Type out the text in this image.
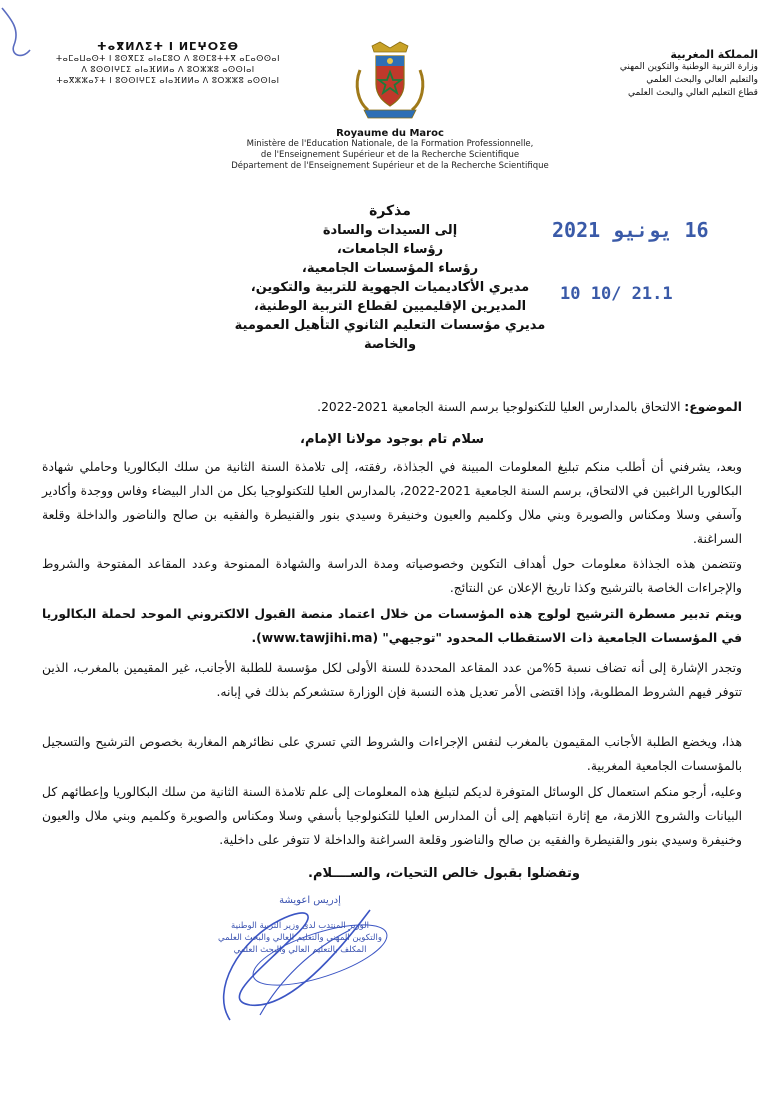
ⵜⴰⴳⵍⴷⵉⵜ ⵏ ⵍⵎⵖⵔⵉⴱ
ⵜⴰⵎⴰⵡⴰⵙⵜ ⵏ ⵓⵙⴳⵎⵉ ⴰⵏⴰⵎⵓⵔ ⴷ ⵓⵙⵎⵓⵜⵜⴳ ⴰⵎⴰⵙⵙⴰⵏ
ⴷ ⵓⵙⵙⵏⵖⵎⵉ ⴰⵏⴰⴼⵍⵍⴰ ⴷ ⵓⵔⵣⵣⵓ ⴰⵙⵙⵏⴰⵏ
ⵜⴰⴳⵣⵣⴰⵢⵜ ⵏ ⵓⵙⵙⵏⵖⵎⵉ ⴰⵏⴰⴼⵍⵍⴰ ⴷ ⵓⵔⵣⵣⵓ ⴰⵙⵙⵏⴰⵏ
المملكة المغربية
وزارة التربية الوطنية والتكوين المهني
والتعليم العالي والبحث العلمي
قطاع التعليم العالي والبحث العلمي
Royaume du Maroc
Ministère de l'Education Nationale, de la Formation Professionnelle,
de l'Enseignement Supérieur et de la Recherche Scientifique
Département de l'Enseignement Supérieur et de la Recherche Scientifique
مذكرة
إلى السيدات والسادة
رؤساء الجامعات،
رؤساء المؤسسات الجامعية،
مديري الأكاديميات الجهوية للتربية والتكوين،
المديرين الإقليميين لقطاع التربية الوطنية،
مديري مؤسسات التعليم الثانوي التأهيل العمومية والخاصة
16 يونيو 2021
10 10/ 21.1
الموضوع: الالتحاق بالمدارس العليا للتكنولوجيا برسم السنة الجامعية 2021-2022.
سلام تام بوجود مولانا الإمام،
وبعد، يشرفني أن أطلب منكم تبليغ المعلومات المبينة في الجذاذة، رفقته، إلى تلامذة السنة الثانية من سلك البكالوريا وحاملي شهادة البكالوريا الراغبين في الالتحاق، برسم السنة الجامعية 2021-2022، بالمدارس العليا للتكنولوجيا بكل من الدار البيضاء وفاس ووجدة وأكادير وآسفي وسلا ومكناس والصويرة وبني ملال وكلميم والعيون وخنيفرة وسيدي بنور والقنيطرة والفقيه بن صالح والناضور والداخلة وقلعة السراغنة.
وتتضمن هذه الجذاذة معلومات حول أهداف التكوين وخصوصياته ومدة الدراسة والشهادة الممنوحة وعدد المقاعد المفتوحة والشروط والإجراءات الخاصة بالترشيح وكذا تاريخ الإعلان عن النتائج.
ويتم تدبير مسطرة الترشيح لولوج هذه المؤسسات من خلال اعتماد منصة القبول الالكتروني الموحد لحملة البكالوريا في المؤسسات الجامعية ذات الاستقطاب المحدود "توجيهي" (www.tawjihi.ma).
وتجدر الإشارة إلى أنه تضاف نسبة 5%من عدد المقاعد المحددة للسنة الأولى لكل مؤسسة للطلبة الأجانب، غير المقيمين بالمغرب، الذين تتوفر فيهم الشروط المطلوبة، وإذا اقتضى الأمر تعديل هذه النسبة فإن الوزارة ستشعركم بذلك في إبانه.
هذا، ويخضع الطلبة الأجانب المقيمون بالمغرب لنفس الإجراءات والشروط التي تسري على نظائرهم المغاربة بخصوص الترشيح والتسجيل بالمؤسسات الجامعية المغربية.
وعليه، أرجو منكم استعمال كل الوسائل المتوفرة لديكم لتبليغ هذه المعلومات إلى علم تلامذة السنة الثانية من سلك البكالوريا وإعطائهم كل البيانات والشروح اللازمة، مع إثارة انتباههم إلى أن المدارس العليا للتكنولوجيا بأسفي وسلا ومكناس والصويرة وكلميم وبني ملال والعيون وخنيفرة وسيدي بنور والقنيطرة والفقيه بن صالح والناضور وقلعة السراغنة والداخلة لا تتوفر على داخلية.
وتفضلوا بقبول خالص التحيات، والســــلام.
إدريس اعويشة
الوزير المنتدب لدى وزير التربية الوطنية
والتكوين المهني والتعليم العالي والبحث العلمي
المكلف بالتعليم العالي والبحث العلمي
